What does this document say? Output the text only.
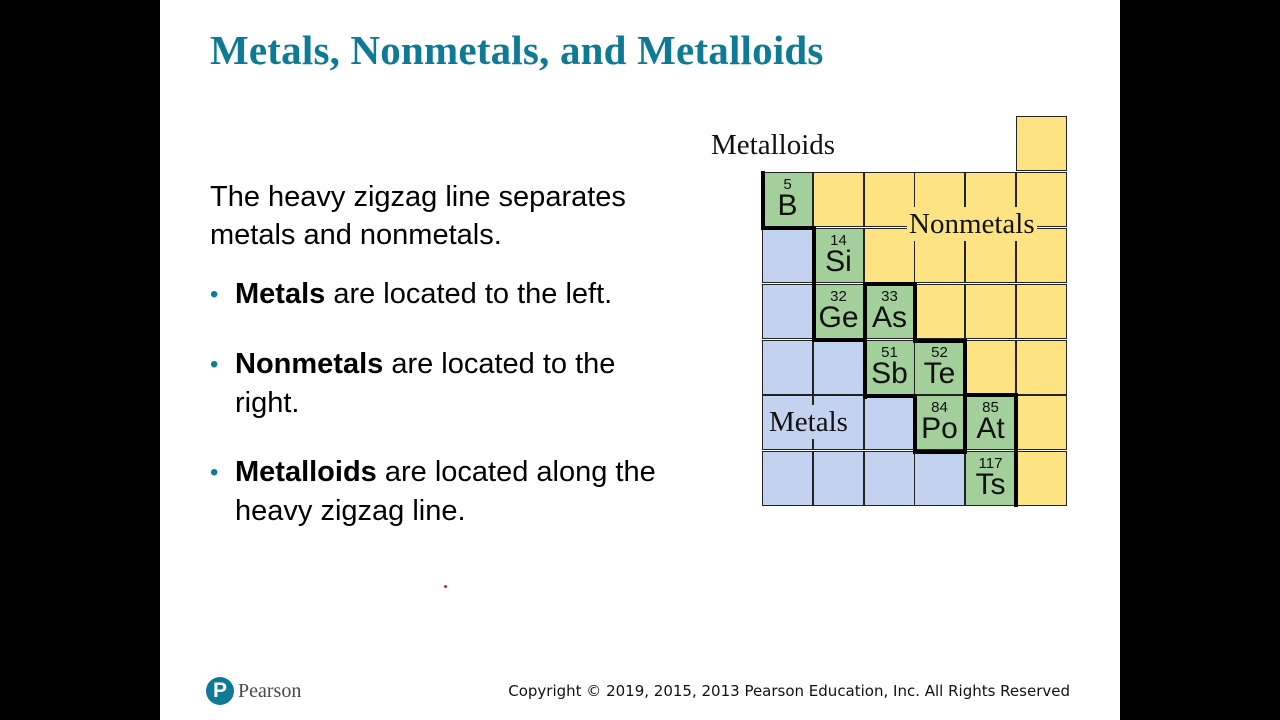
Metals, Nonmetals, and Metalloids
The heavy zigzag line separates metals and nonmetals.
• Metals are located to the left.
• Nonmetals are located to the right.
• Metalloids are located along the heavy zigzag line.
5
B
14
Si
32
Ge
33
As
51
Sb
52
Te
84
Po
85
At
117
Ts
Metalloids
Nonmetals
Metals
P Pearson	Copyright © 2019, 2015, 2013 Pearson Education, Inc. All Rights Reserved
